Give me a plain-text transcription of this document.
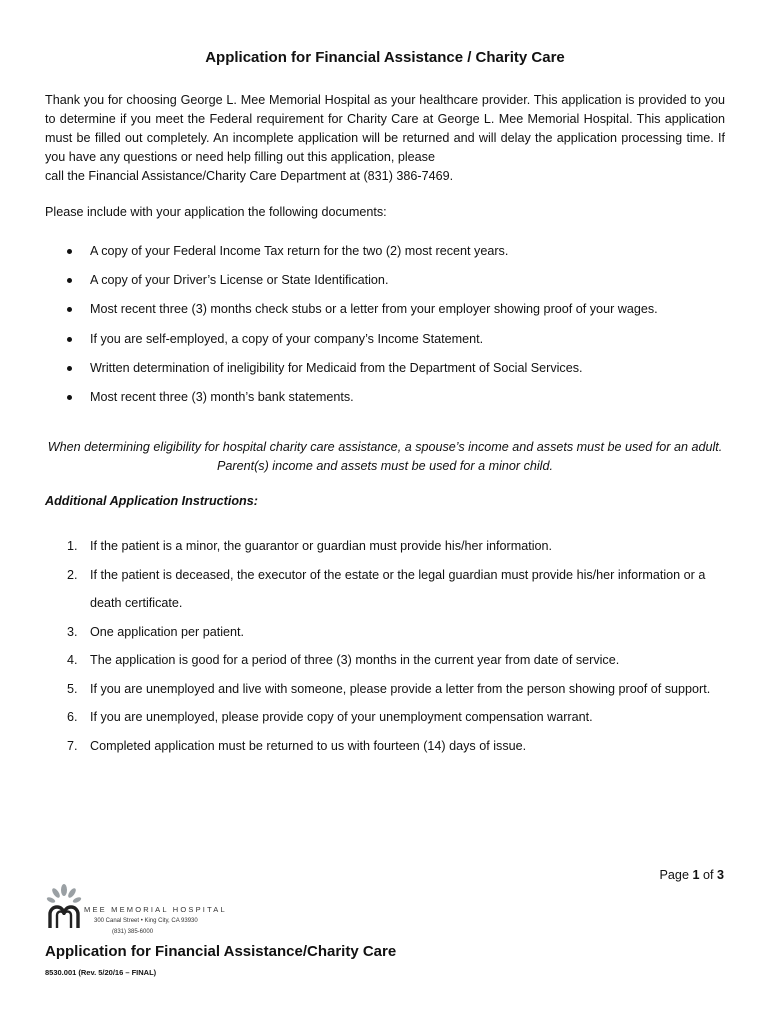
Application for Financial Assistance / Charity Care
Thank you for choosing George L. Mee Memorial Hospital as your healthcare provider. This application is provided to you to determine if you meet the Federal requirement for Charity Care at George L. Mee Memorial Hospital. This application must be filled out completely. An incomplete application will be returned and will delay the application processing time. If you have any questions or need help filling out this application, please
call the Financial Assistance/Charity Care Department at (831) 386-7469.
Please include with your application the following documents:
A copy of your Federal Income Tax return for the two (2) most recent years.
A copy of your Driver’s License or State Identification.
Most recent three (3) months check stubs or a letter from your employer showing proof of your wages.
If you are self-employed, a copy of your company’s Income Statement.
Written determination of ineligibility for Medicaid from the Department of Social Services.
Most recent three (3) month’s bank statements.
When determining eligibility for hospital charity care assistance, a spouse’s income and assets must be used for an adult. Parent(s) income and assets must be used for a minor child.
Additional Application Instructions:
1. If the patient is a minor, the guarantor or guardian must provide his/her information.
2. If the patient is deceased, the executor of the estate or the legal guardian must provide his/her information or a death certificate.
3. One application per patient.
4. The application is good for a period of three (3) months in the current year from date of service.
5. If you are unemployed and live with someone, please provide a letter from the person showing proof of support.
6. If you are unemployed, please provide copy of your unemployment compensation warrant.
7. Completed application must be returned to us with fourteen (14) days of issue.
Page 1 of 3
MEE MEMORIAL HOSPITAL
300 Canal Street • King City, CA 93930
(831) 385-6000
Application for Financial Assistance/Charity Care
8530.001 (Rev. 5/20/16 – FINAL)
